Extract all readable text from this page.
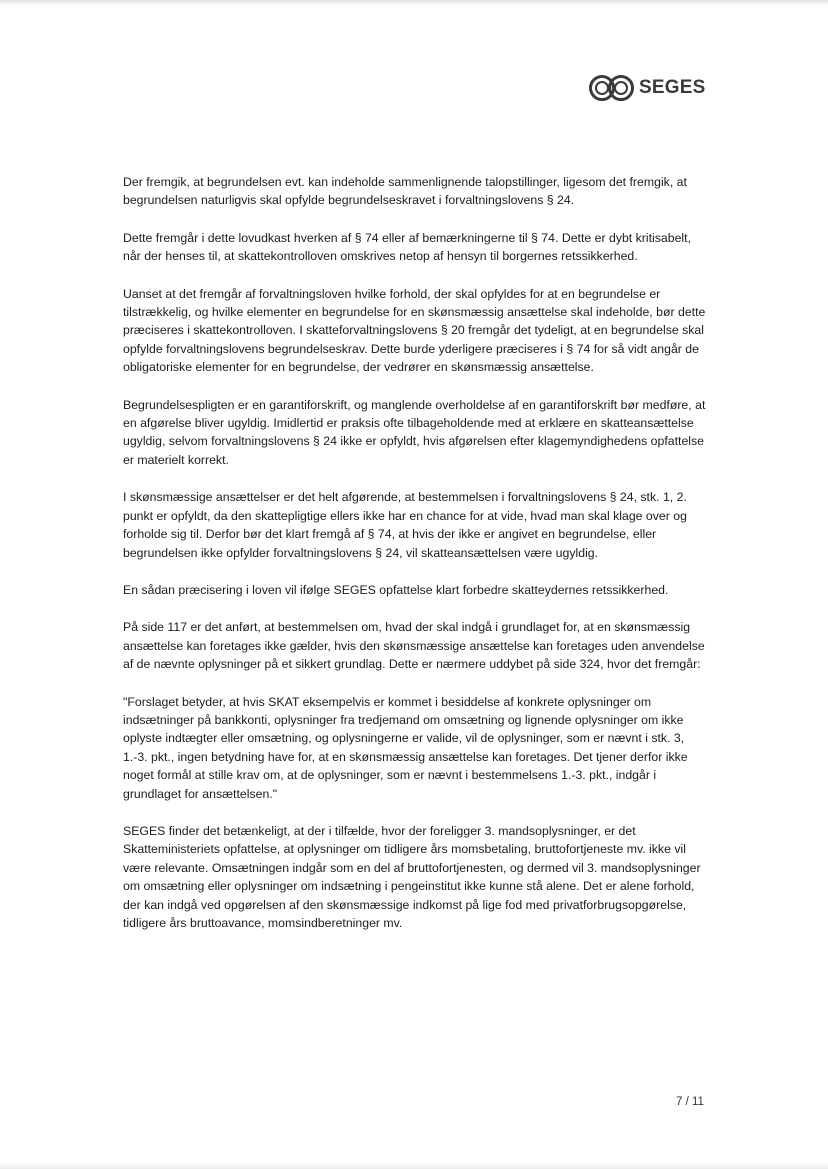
SEGES

Der fremgik, at begrundelsen evt. kan indeholde sammenlignende talopstillinger, ligesom det fremgik, at begrundelsen naturligvis skal opfylde begrundelseskravet i forvaltningslovens § 24.

Dette fremgår i dette lovudkast hverken af § 74 eller af bemærkningerne til § 74. Dette er dybt kritisabelt, når der henses til, at skattekontrolloven omskrives netop af hensyn til borgernes retssikkerhed.

Uanset at det fremgår af forvaltningsloven hvilke forhold, der skal opfyldes for at en begrundelse er tilstrækkelig, og hvilke elementer en begrundelse for en skønsmæssig ansættelse skal indeholde, bør dette præciseres i skattekontrolloven. I skatteforvaltningslovens § 20 fremgår det tydeligt, at en begrundelse skal opfylde forvaltningslovens begrundelseskrav. Dette burde yderligere præciseres i § 74 for så vidt angår de obligatoriske elementer for en begrundelse, der vedrører en skønsmæssig ansættelse.

Begrundelsespligten er en garantiforskrift, og manglende overholdelse af en garantiforskrift bør medføre, at en afgørelse bliver ugyldig. Imidlertid er praksis ofte tilbageholdende med at erklære en skatteansættelse ugyldig, selvom forvaltningslovens § 24 ikke er opfyldt, hvis afgørelsen efter klagemyndighedens opfattelse er materielt korrekt.

I skønsmæssige ansættelser er det helt afgørende, at bestemmelsen i forvaltningslovens § 24, stk. 1, 2. punkt er opfyldt, da den skattepligtige ellers ikke har en chance for at vide, hvad man skal klage over og forholde sig til. Derfor bør det klart fremgå af § 74, at hvis der ikke er angivet en begrundelse, eller begrundelsen ikke opfylder forvaltningslovens § 24, vil skatteansættelsen være ugyldig.

En sådan præcisering i loven vil ifølge SEGES opfattelse klart forbedre skatteydernes retssikkerhed.

På side 117 er det anført, at bestemmelsen om, hvad der skal indgå i grundlaget for, at en skønsmæssig ansættelse kan foretages ikke gælder, hvis den skønsmæssige ansættelse kan foretages uden anvendelse af de nævnte oplysninger på et sikkert grundlag. Dette er nærmere uddybet på side 324, hvor det fremgår:

"Forslaget betyder, at hvis SKAT eksempelvis er kommet i besiddelse af konkrete oplysninger om indsætninger på bankkonti, oplysninger fra tredjemand om omsætning og lignende oplysninger om ikke oplyste indtægter eller omsætning, og oplysningerne er valide, vil de oplysninger, som er nævnt i stk. 3, 1.-3. pkt., ingen betydning have for, at en skønsmæssig ansættelse kan foretages. Det tjener derfor ikke noget formål at stille krav om, at de oplysninger, som er nævnt i bestemmelsens 1.-3. pkt., indgår i grundlaget for ansættelsen."

SEGES finder det betænkeligt, at der i tilfælde, hvor der foreligger 3. mandsoplysninger, er det Skatteministeriets opfattelse, at oplysninger om tidligere års momsbetaling, bruttofortjeneste mv. ikke vil være relevante. Omsætningen indgår som en del af bruttofortjenesten, og dermed vil 3. mandsoplysninger om omsætning eller oplysninger om indsætning i pengeinstitut ikke kunne stå alene. Det er alene forhold, der kan indgå ved opgørelsen af den skønsmæssige indkomst på lige fod med privatforbrugsopgørelse, tidligere års bruttoavance, momsindberetninger mv.

7 / 11
